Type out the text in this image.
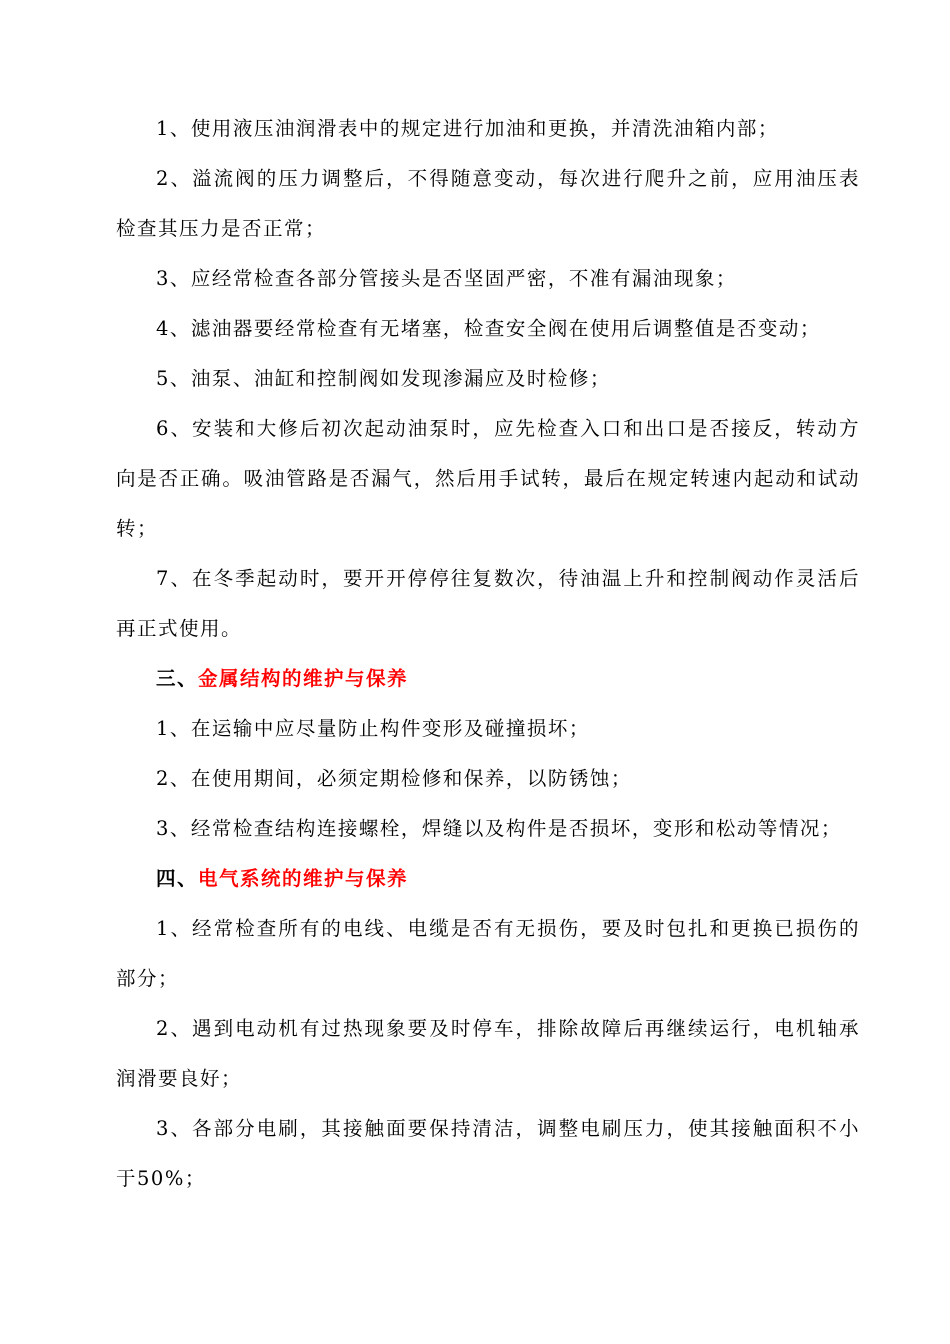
1、使用液压油润滑表中的规定进行加油和更换，并清洗油箱内部；

2、溢流阀的压力调整后，不得随意变动，每次进行爬升之前，应用油压表检查其压力是否正常；

3、应经常检查各部分管接头是否坚固严密，不准有漏油现象；

4、滤油器要经常检查有无堵塞，检查安全阀在使用后调整值是否变动；

5、油泵、油缸和控制阀如发现渗漏应及时检修；

6、安装和大修后初次起动油泵时，应先检查入口和出口是否接反，转动方向是否正确。吸油管路是否漏气，然后用手试转，最后在规定转速内起动和试动转；

7、在冬季起动时，要开开停停往复数次，待油温上升和控制阀动作灵活后再正式使用。

三、金属结构的维护与保养

1、在运输中应尽量防止构件变形及碰撞损坏；

2、在使用期间，必须定期检修和保养，以防锈蚀；

3、经常检查结构连接螺栓，焊缝以及构件是否损坏，变形和松动等情况；

四、电气系统的维护与保养

1、经常检查所有的电线、电缆是否有无损伤，要及时包扎和更换已损伤的部分；

2、遇到电动机有过热现象要及时停车，排除故障后再继续运行，电机轴承润滑要良好；

3、各部分电刷，其接触面要保持清洁，调整电刷压力，使其接触面积不小于50%；
